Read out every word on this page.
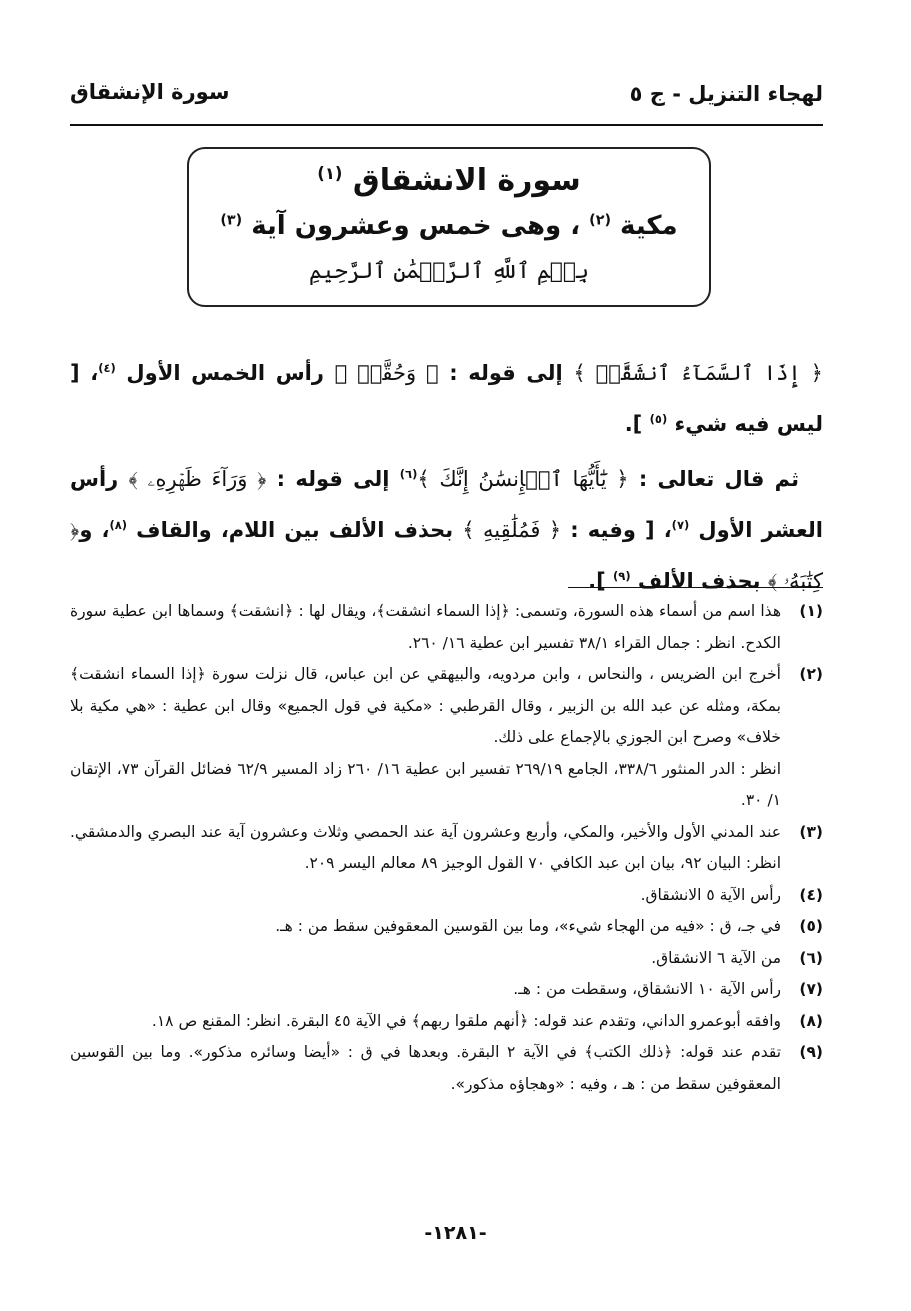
لهجاء التنزيل - ج ٥
سورة الإنشقاق
سورة الانشقاق $^{(١)}$
مكية $^{(٢)}$ ، وهى خمس وعشرون آية $^{(٣)}$
بِسۡمِ ٱللَّهِ ٱلرَّحۡمَٰنِ ٱلرَّحِيمِ

﴿ إِذَا ٱلسَّمَآءُ ٱنشَقَّتۡ ﴾ إلى قوله : ﴿ وَحُقَّتۡ ﴾ رأس الخمس الأول $^{(٤)}$، [ ليس فيه شيء $^{(٥)}$ ].

ثم قال تعالى : ﴿ يَٰٓأَيُّهَا ٱلۡإِنسَٰنُ إِنَّكَ ﴾$^{(٦)}$ إلى قوله : ﴿ وَرَآءَ ظَهۡرِهِۦ ﴾ رأس العشر الأول $^{(٧)}$، [ وفيه : ﴿ فَمُلَٰقِيهِ ﴾ بحذف الألف بين اللام، والقاف $^{(٨)}$، و﴿ كِتَٰبَهُۥ ﴾ بحذف الألف $^{(٩)}$ ].

(١)
هذا اسم من أسماء هذه السورة، وتسمى: ﴿إذا السماء انشقت﴾، ويقال لها : ﴿انشقت﴾ وسماها ابن عطية سورة الكدح. انظر : جمال القراء ٣٨/١ تفسير ابن عطية ١٦/ ٢٦٠.
(٢)
أخرج ابن الضريس ، والنحاس ، وابن مردويه، والبيهقي عن ابن عباس، قال نزلت سورة ﴿إذا السماء انشقت﴾ بمكة، ومثله عن عبد الله بن الزبير ، وقال القرطبي : «مكية في قول الجميع» وقال ابن عطية : «هي مكية بلا خلاف» وصرح ابن الجوزي بالإجماع على ذلك.
انظر : الدر المنثور ٣٣٨/٦، الجامع ٢٦٩/١٩ تفسير ابن عطية ١٦/ ٢٦٠ زاد المسير ٦٢/٩ فضائل القرآن ٧٣، الإتقان ١/ ٣٠.
(٣)
عند المدني الأول والأخير، والمكي، وأربع وعشرون آية عند الحمصي وثلاث وعشرون آية عند البصري والدمشقي. انظر: البيان ٩٢، بيان ابن عبد الكافي ٧٠ القول الوجيز ٨٩ معالم اليسر ٢٠٩.
(٤)
رأس الآية ٥ الانشقاق.
(٥)
في جـ، ق : «فيه من الهجاء شيء»، وما بين القوسين المعقوفين سقط من : هـ.
(٦)
من الآية ٦ الانشقاق.
(٧)
رأس الآية ١٠ الانشقاق، وسقطت من : هـ.
(٨)
وافقه أبوعمرو الداني، وتقدم عند قوله: ﴿أنهم ملقوا ربهم﴾ في الآية ٤٥ البقرة. انظر: المقنع ص ١٨.
(٩)
تقدم عند قوله: ﴿ذلك الكتب﴾ في الآية ٢ البقرة. وبعدها في ق : «أيضا وسائره مذكور». وما بين القوسين المعقوفين سقط من : هـ ، وفيه : «وهجاؤه مذكور».
-١٢٨١-
